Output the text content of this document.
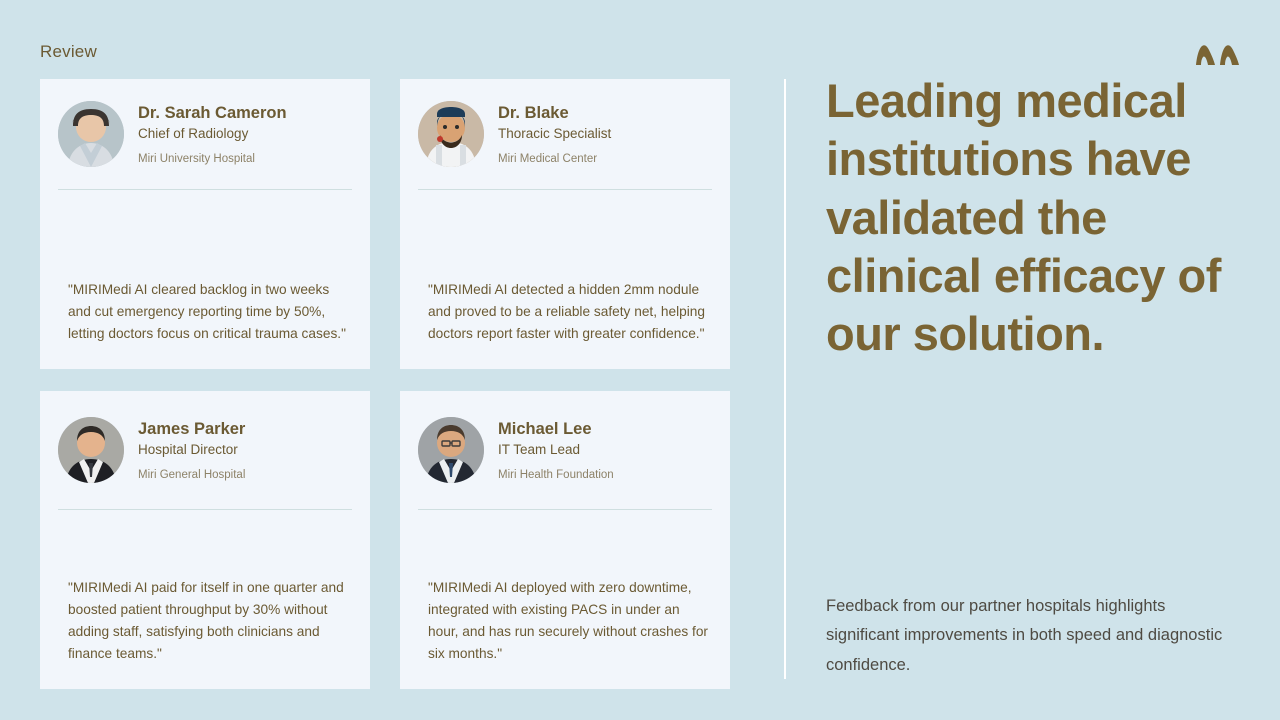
Review
Dr. Sarah Cameron
Chief of Radiology
Miri University Hospital
"MIRIMedi AI cleared backlog in two weeks and cut emergency reporting time by 50%, letting doctors focus on critical trauma cases."
Dr. Blake
Thoracic Specialist
Miri Medical Center
"MIRIMedi AI detected a hidden 2mm nodule and proved to be a reliable safety net, helping doctors report faster with greater confidence."
James Parker
Hospital Director
Miri General Hospital
"MIRIMedi AI paid for itself in one quarter and boosted patient throughput by 30% without adding staff, satisfying both clinicians and finance teams."
Michael Lee
IT Team Lead
Miri Health Foundation
"MIRIMedi AI deployed with zero downtime, integrated with existing PACS in under an hour, and has run securely without crashes for six months."
Leading medical institutions have validated the clinical efficacy of our solution.
Feedback from our partner hospitals highlights significant improvements in both speed and diagnostic confidence.
